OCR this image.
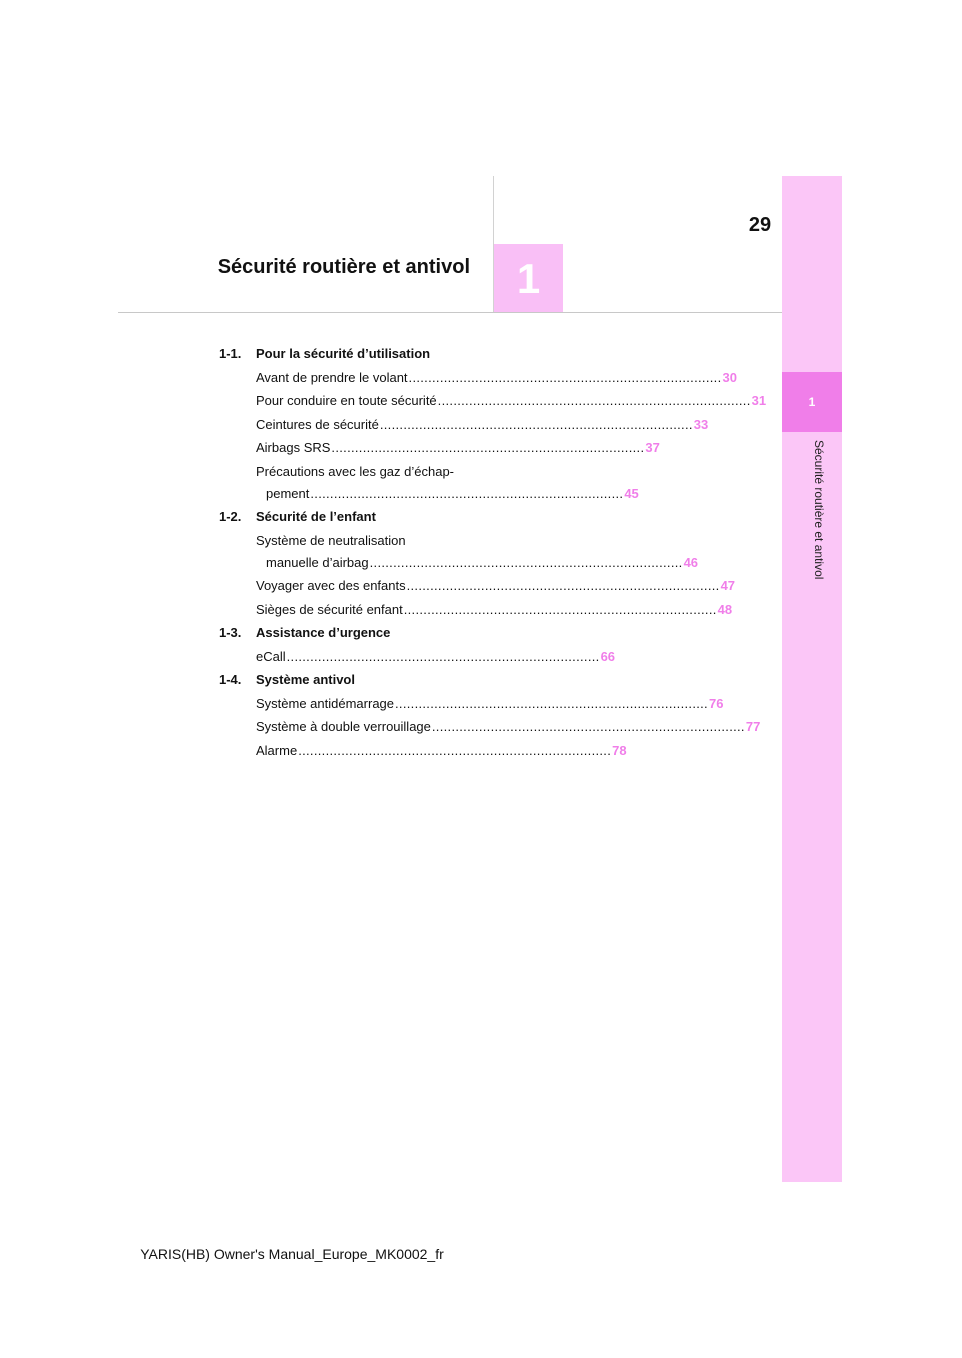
29
Sécurité routière et antivol 1
1
Sécurité routière et antivol
1-1.	Pour la sécurité d’utilisation
Avant de prendre le volant ................................................................................ 30
Pour conduire en toute sécurité ................................................................................ 31
Ceintures de sécurité ................................................................................ 33
Airbags SRS ................................................................................ 37
Précautions avec les gaz d’échap-
pement ................................................................................ 45
1-2.	Sécurité de l’enfant
Système de neutralisation
manuelle d’airbag ................................................................................ 46
Voyager avec des enfants ................................................................................ 47
Sièges de sécurité enfant ................................................................................ 48
1-3.	Assistance d’urgence
eCall ................................................................................ 66
1-4.	Système antivol
Système antidémarrage ................................................................................ 76
Système à double verrouillage ................................................................................ 77
Alarme ................................................................................ 78
YARIS(HB) Owner's Manual_Europe_MK0002_fr
